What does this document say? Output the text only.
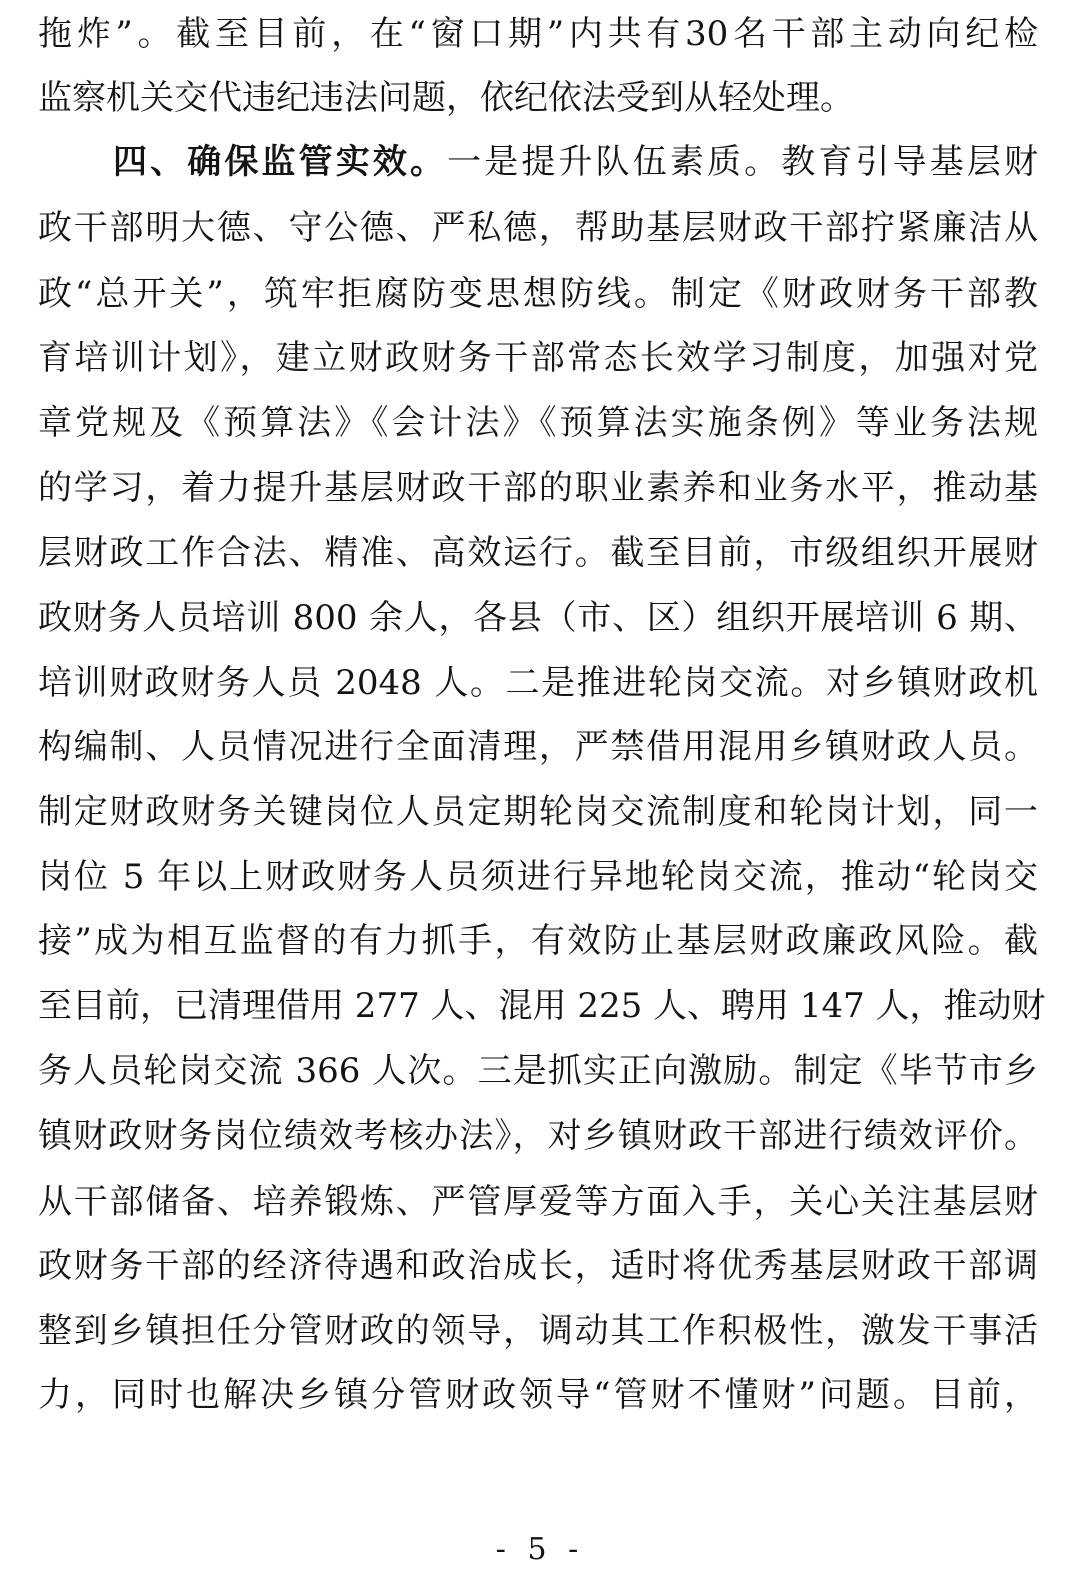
拖炸”。截至目前，在“窗口期”内共有30名干部主动向纪检
监察机关交代违纪违法问题，依纪依法受到从轻处理。
四、确保监管实效。一是提升队伍素质。教育引导基层财
政干部明大德、守公德、严私德，帮助基层财政干部拧紧廉洁从
政“总开关”，筑牢拒腐防变思想防线。制定《财政财务干部教
育培训计划》，建立财政财务干部常态长效学习制度，加强对党
章党规及《预算法》《会计法》《预算法实施条例》等业务法规
的学习，着力提升基层财政干部的职业素养和业务水平，推动基
层财政工作合法、精准、高效运行。截至目前，市级组织开展财
政财务人员培训 800 余人，各县（市、区）组织开展培训 6 期、
培训财政财务人员 2048 人。二是推进轮岗交流。对乡镇财政机
构编制、人员情况进行全面清理，严禁借用混用乡镇财政人员。
制定财政财务关键岗位人员定期轮岗交流制度和轮岗计划，同一
岗位 5 年以上财政财务人员须进行异地轮岗交流，推动“轮岗交
接”成为相互监督的有力抓手，有效防止基层财政廉政风险。截
至目前，已清理借用 277 人、混用 225 人、聘用 147 人，推动财
务人员轮岗交流 366 人次。三是抓实正向激励。制定《毕节市乡
镇财政财务岗位绩效考核办法》，对乡镇财政干部进行绩效评价。
从干部储备、培养锻炼、严管厚爱等方面入手，关心关注基层财
政财务干部的经济待遇和政治成长，适时将优秀基层财政干部调
整到乡镇担任分管财政的领导，调动其工作积极性，激发干事活
力，同时也解决乡镇分管财政领导“管财不懂财”问题。目前，
- 5 -
